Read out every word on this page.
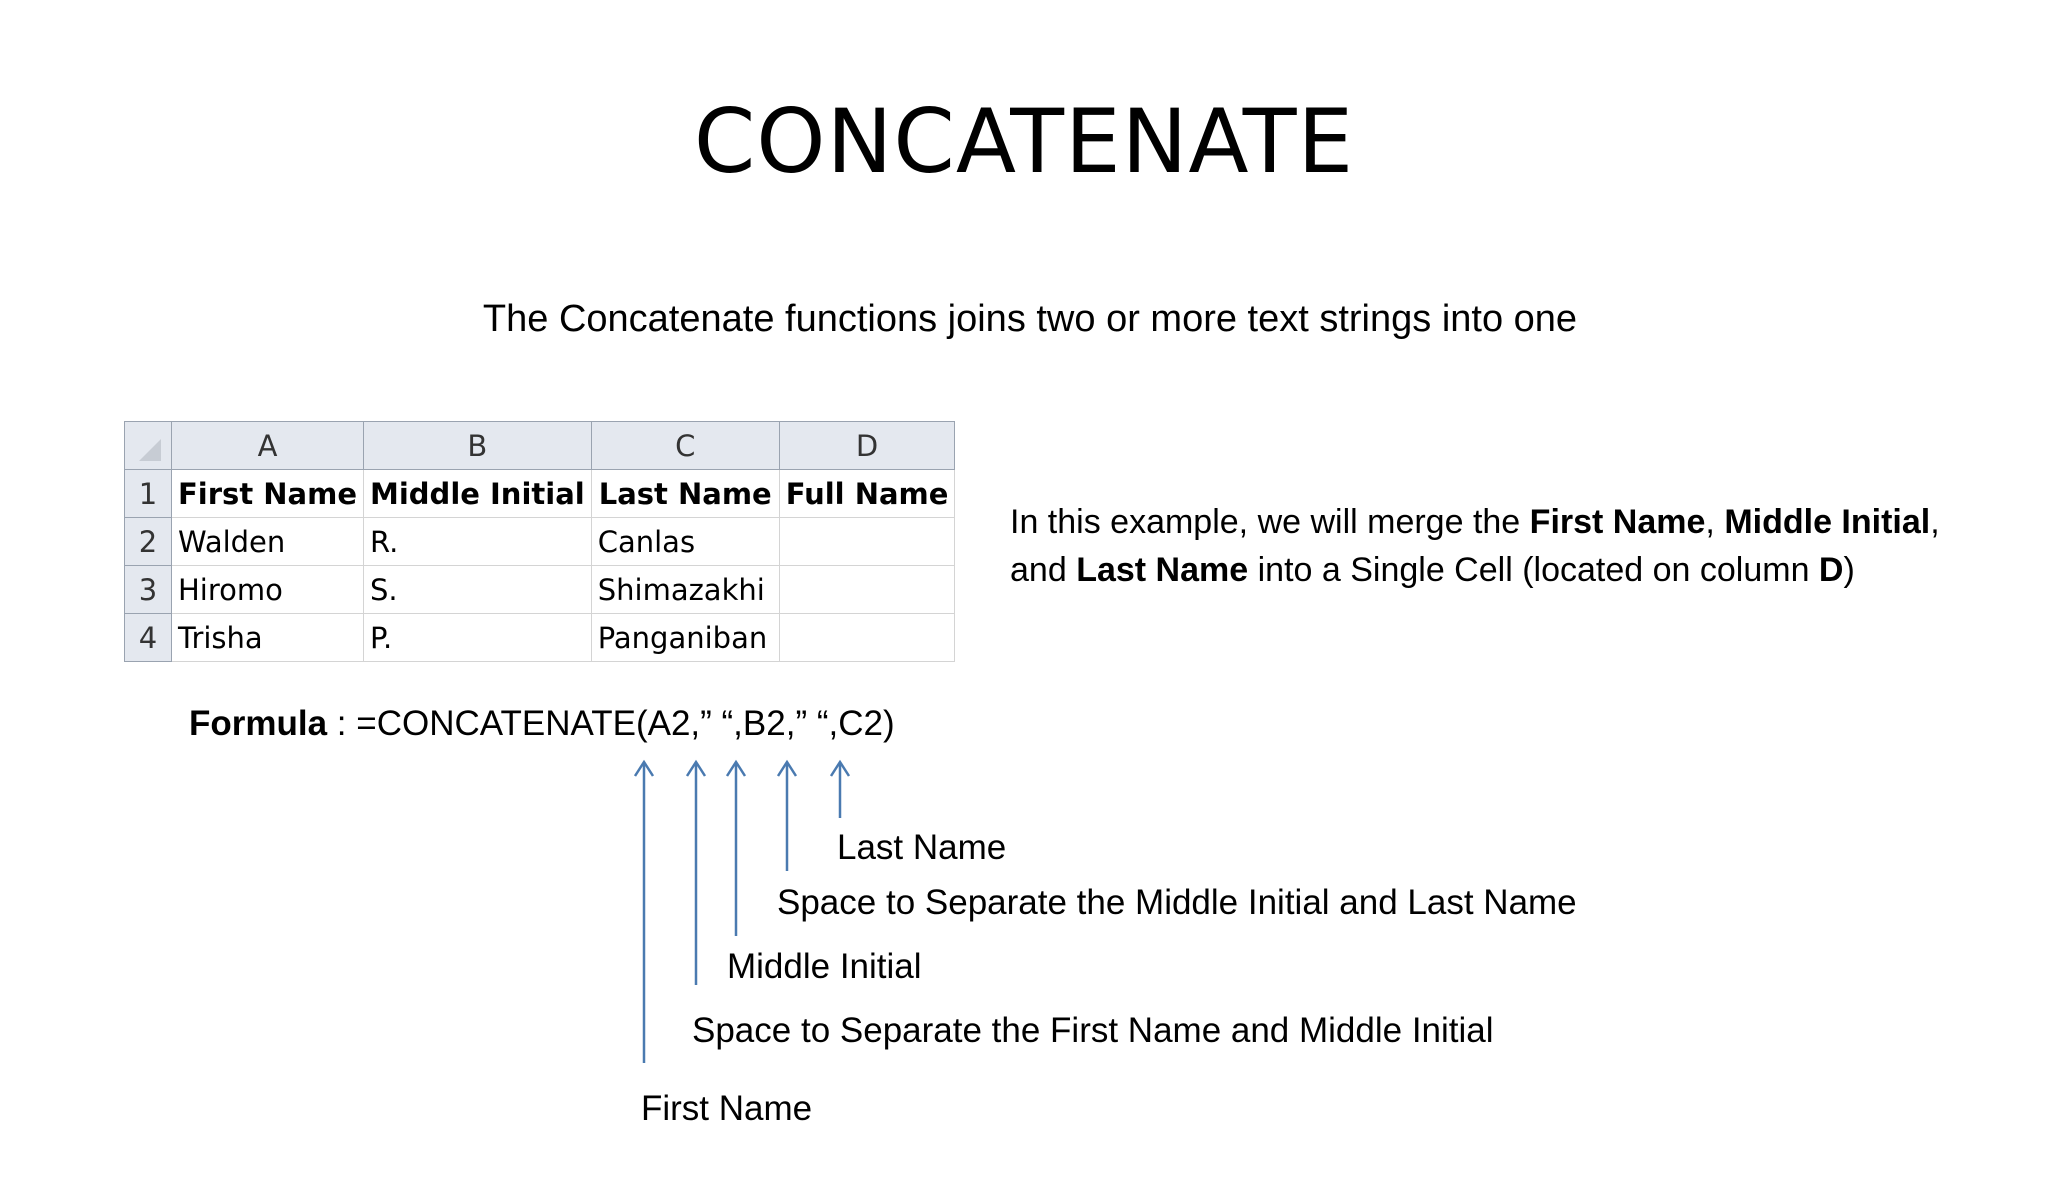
CONCATENATE
The Concatenate functions joins two or more text strings into one
	A	B	C	D
1	First Name	Middle Initial	Last Name	Full Name
2	Walden	R.	Canlas	
3	Hiromo	S.	Shimazakhi	
4	Trisha	P.	Panganiban	
In this example, we will merge the First Name, Middle Initial,
and Last Name into a Single Cell (located on column D)
Formula : =CONCATENATE(A2,” “,B2,” “,C2)
Last Name
Space to Separate the Middle Initial and Last Name
Middle Initial
Space to Separate the First Name and Middle Initial
First Name
